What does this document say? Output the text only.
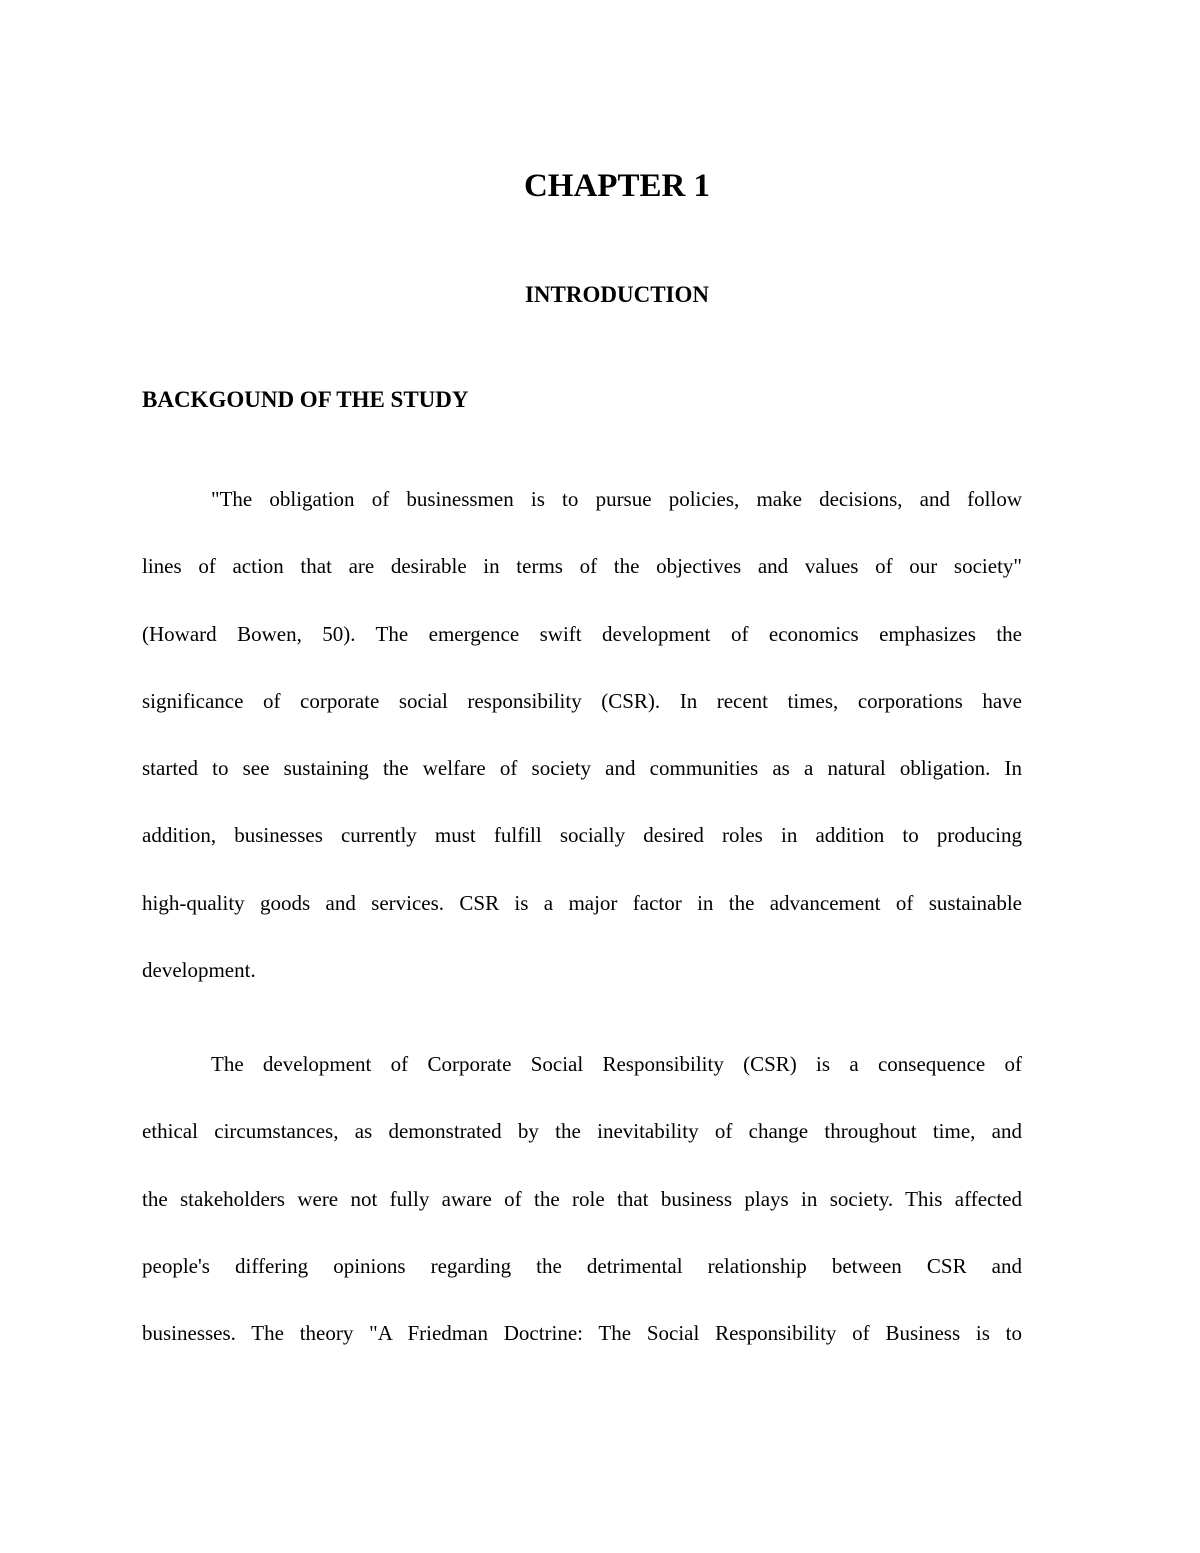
CHAPTER 1
INTRODUCTION
BACKGOUND OF THE STUDY
"The obligation of businessmen is to pursue policies, make decisions, and follow
lines of action that are desirable in terms of the objectives and values of our society"
(Howard Bowen, 50). The emergence swift development of economics emphasizes the
significance of corporate social responsibility (CSR). In recent times, corporations have
started to see sustaining the welfare of society and communities as a natural obligation. In
addition, businesses currently must fulfill socially desired roles in addition to producing
high-quality goods and services. CSR is a major factor in the advancement of sustainable
development.
The development of Corporate Social Responsibility (CSR) is a consequence of
ethical circumstances, as demonstrated by the inevitability of change throughout time, and
the stakeholders were not fully aware of the role that business plays in society. This affected
people's differing opinions regarding the detrimental relationship between CSR and
businesses. The theory "A Friedman Doctrine: The Social Responsibility of Business is to
